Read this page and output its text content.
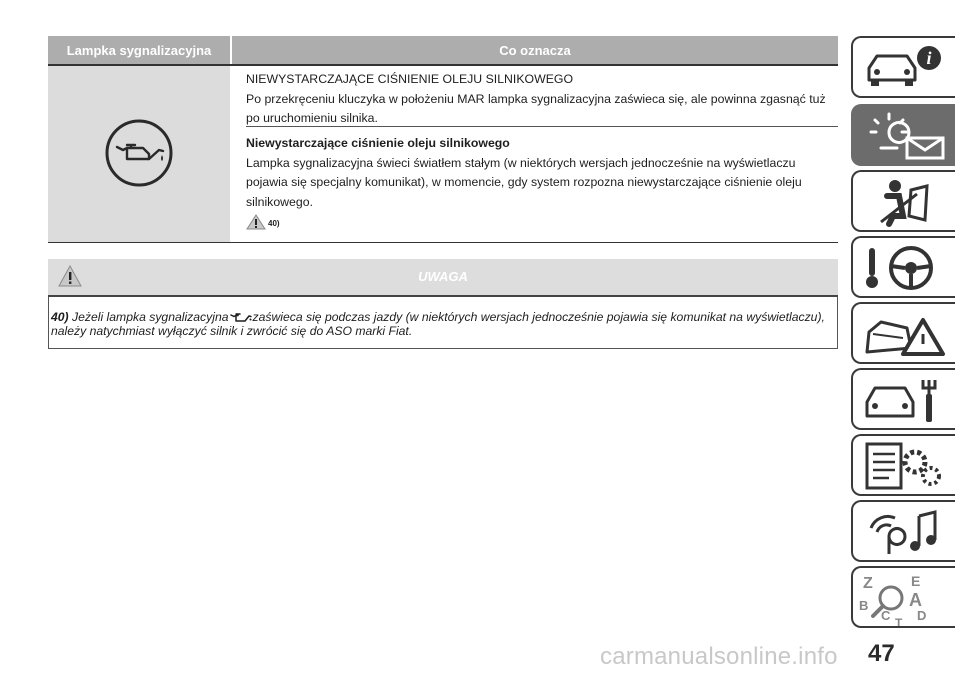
Lampka sygnalizacyjna	Co oznacza

NIEWYSTARCZAJĄCE CIŚNIENIE OLEJU SILNIKOWEGO

Po przekręceniu kluczyka w położeniu MAR lampka sygnalizacyjna zaświeca się, ale powinna zgasnąć tuż po uruchomieniu silnika.

Niewystarczające ciśnienie oleju silnikowego

Lampka sygnalizacyjna świeci światłem stałym (w niektórych wersjach jednocześnie na wyświetlaczu pojawia się specjalny komunikat), w momencie, gdy system rozpozna niewystarczające ciśnienie oleju silnikowego.

40)
UWAGA

40) Jeżeli lampka sygnalizacyjna zaświeca się podczas jazdy (w niektórych wersjach jednocześnie pojawia się komunikat na wyświetlaczu), należy natychmiast wyłączyć silnik i zwrócić się do ASO marki Fiat.

i
Z	E
A
B
C D
T
carmanualsonline.info 47
